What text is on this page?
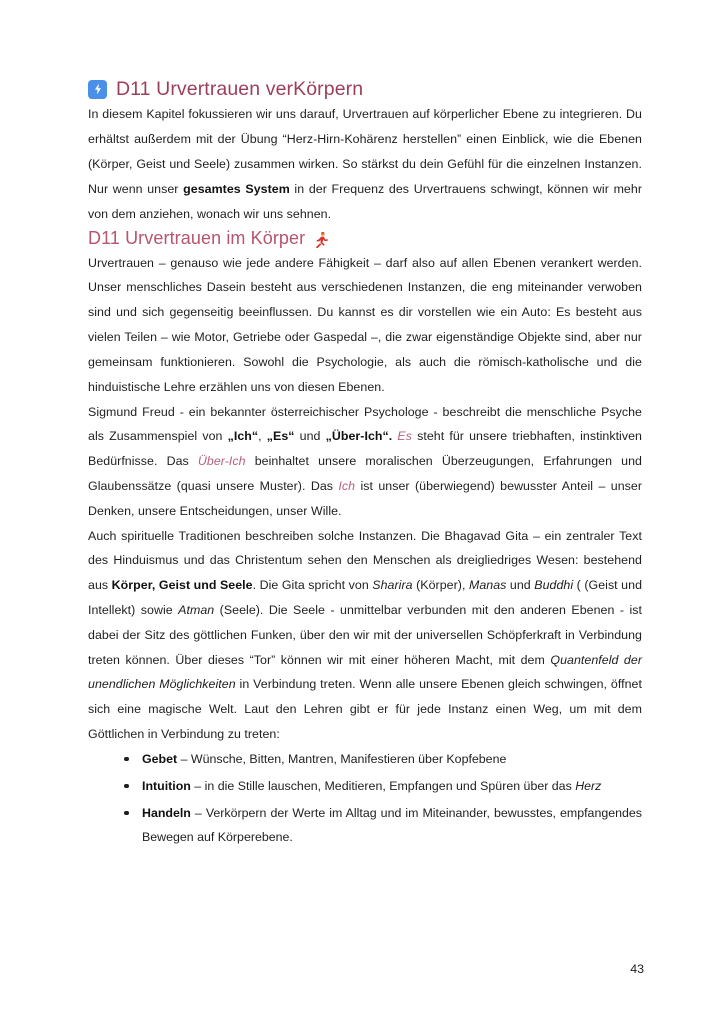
D11 Urvertrauen verKörpern

In diesem Kapitel fokussieren wir uns darauf, Urvertrauen auf körperlicher Ebene zu integrieren. Du erhältst außerdem mit der Übung “Herz-Hirn-Kohärenz herstellen” einen Einblick, wie die Ebenen (Körper, Geist und Seele) zusammen wirken. So stärkst du dein Gefühl für die einzelnen Instanzen. Nur wenn unser gesamtes System in der Frequenz des Urvertrauens schwingt, können wir mehr von dem anziehen, wonach wir uns sehnen.

D11 Urvertrauen im Körper

Urvertrauen – genauso wie jede andere Fähigkeit – darf also auf allen Ebenen verankert werden. Unser menschliches Dasein besteht aus verschiedenen Instanzen, die eng miteinander verwoben sind und sich gegenseitig beeinflussen. Du kannst es dir vorstellen wie ein Auto: Es besteht aus vielen Teilen – wie Motor, Getriebe oder Gaspedal –, die zwar eigenständige Objekte sind, aber nur gemeinsam funktionieren. Sowohl die Psychologie, als auch die römisch-katholische und die hinduistische Lehre erzählen uns von diesen Ebenen.

Sigmund Freud - ein bekannter österreichischer Psychologe - beschreibt die menschliche Psyche als Zusammenspiel von „Ich“, „Es“ und „Über-Ich“. Es steht für unsere triebhaften, instinktiven Bedürfnisse. Das Über-Ich beinhaltet unsere moralischen Überzeugungen, Erfahrungen und Glaubenssätze (quasi unsere Muster). Das Ich ist unser (überwiegend) bewusster Anteil – unser Denken, unsere Entscheidungen, unser Wille.

Auch spirituelle Traditionen beschreiben solche Instanzen. Die Bhagavad Gita – ein zentraler Text des Hinduismus und das Christentum sehen den Menschen als dreigliedriges Wesen: bestehend aus Körper, Geist und Seele. Die Gita spricht von Sharira (Körper), Manas und Buddhi ( (Geist und Intellekt) sowie Atman (Seele). Die Seele - unmittelbar verbunden mit den anderen Ebenen - ist dabei der Sitz des göttlichen Funken, über den wir mit der universellen Schöpferkraft in Verbindung treten können. Über dieses “Tor” können wir mit einer höheren Macht, mit dem Quantenfeld der unendlichen Möglichkeiten in Verbindung treten. Wenn alle unsere Ebenen gleich schwingen, öffnet sich eine magische Welt. Laut den Lehren gibt er für jede Instanz einen Weg, um mit dem Göttlichen in Verbindung zu treten:

Gebet – Wünsche, Bitten, Mantren, Manifestieren über Kopfebene
Intuition – in die Stille lauschen, Meditieren, Empfangen und Spüren über das Herz
Handeln – Verkörpern der Werte im Alltag und im Miteinander, bewusstes, empfangendes Bewegen auf Körperebene.
43
